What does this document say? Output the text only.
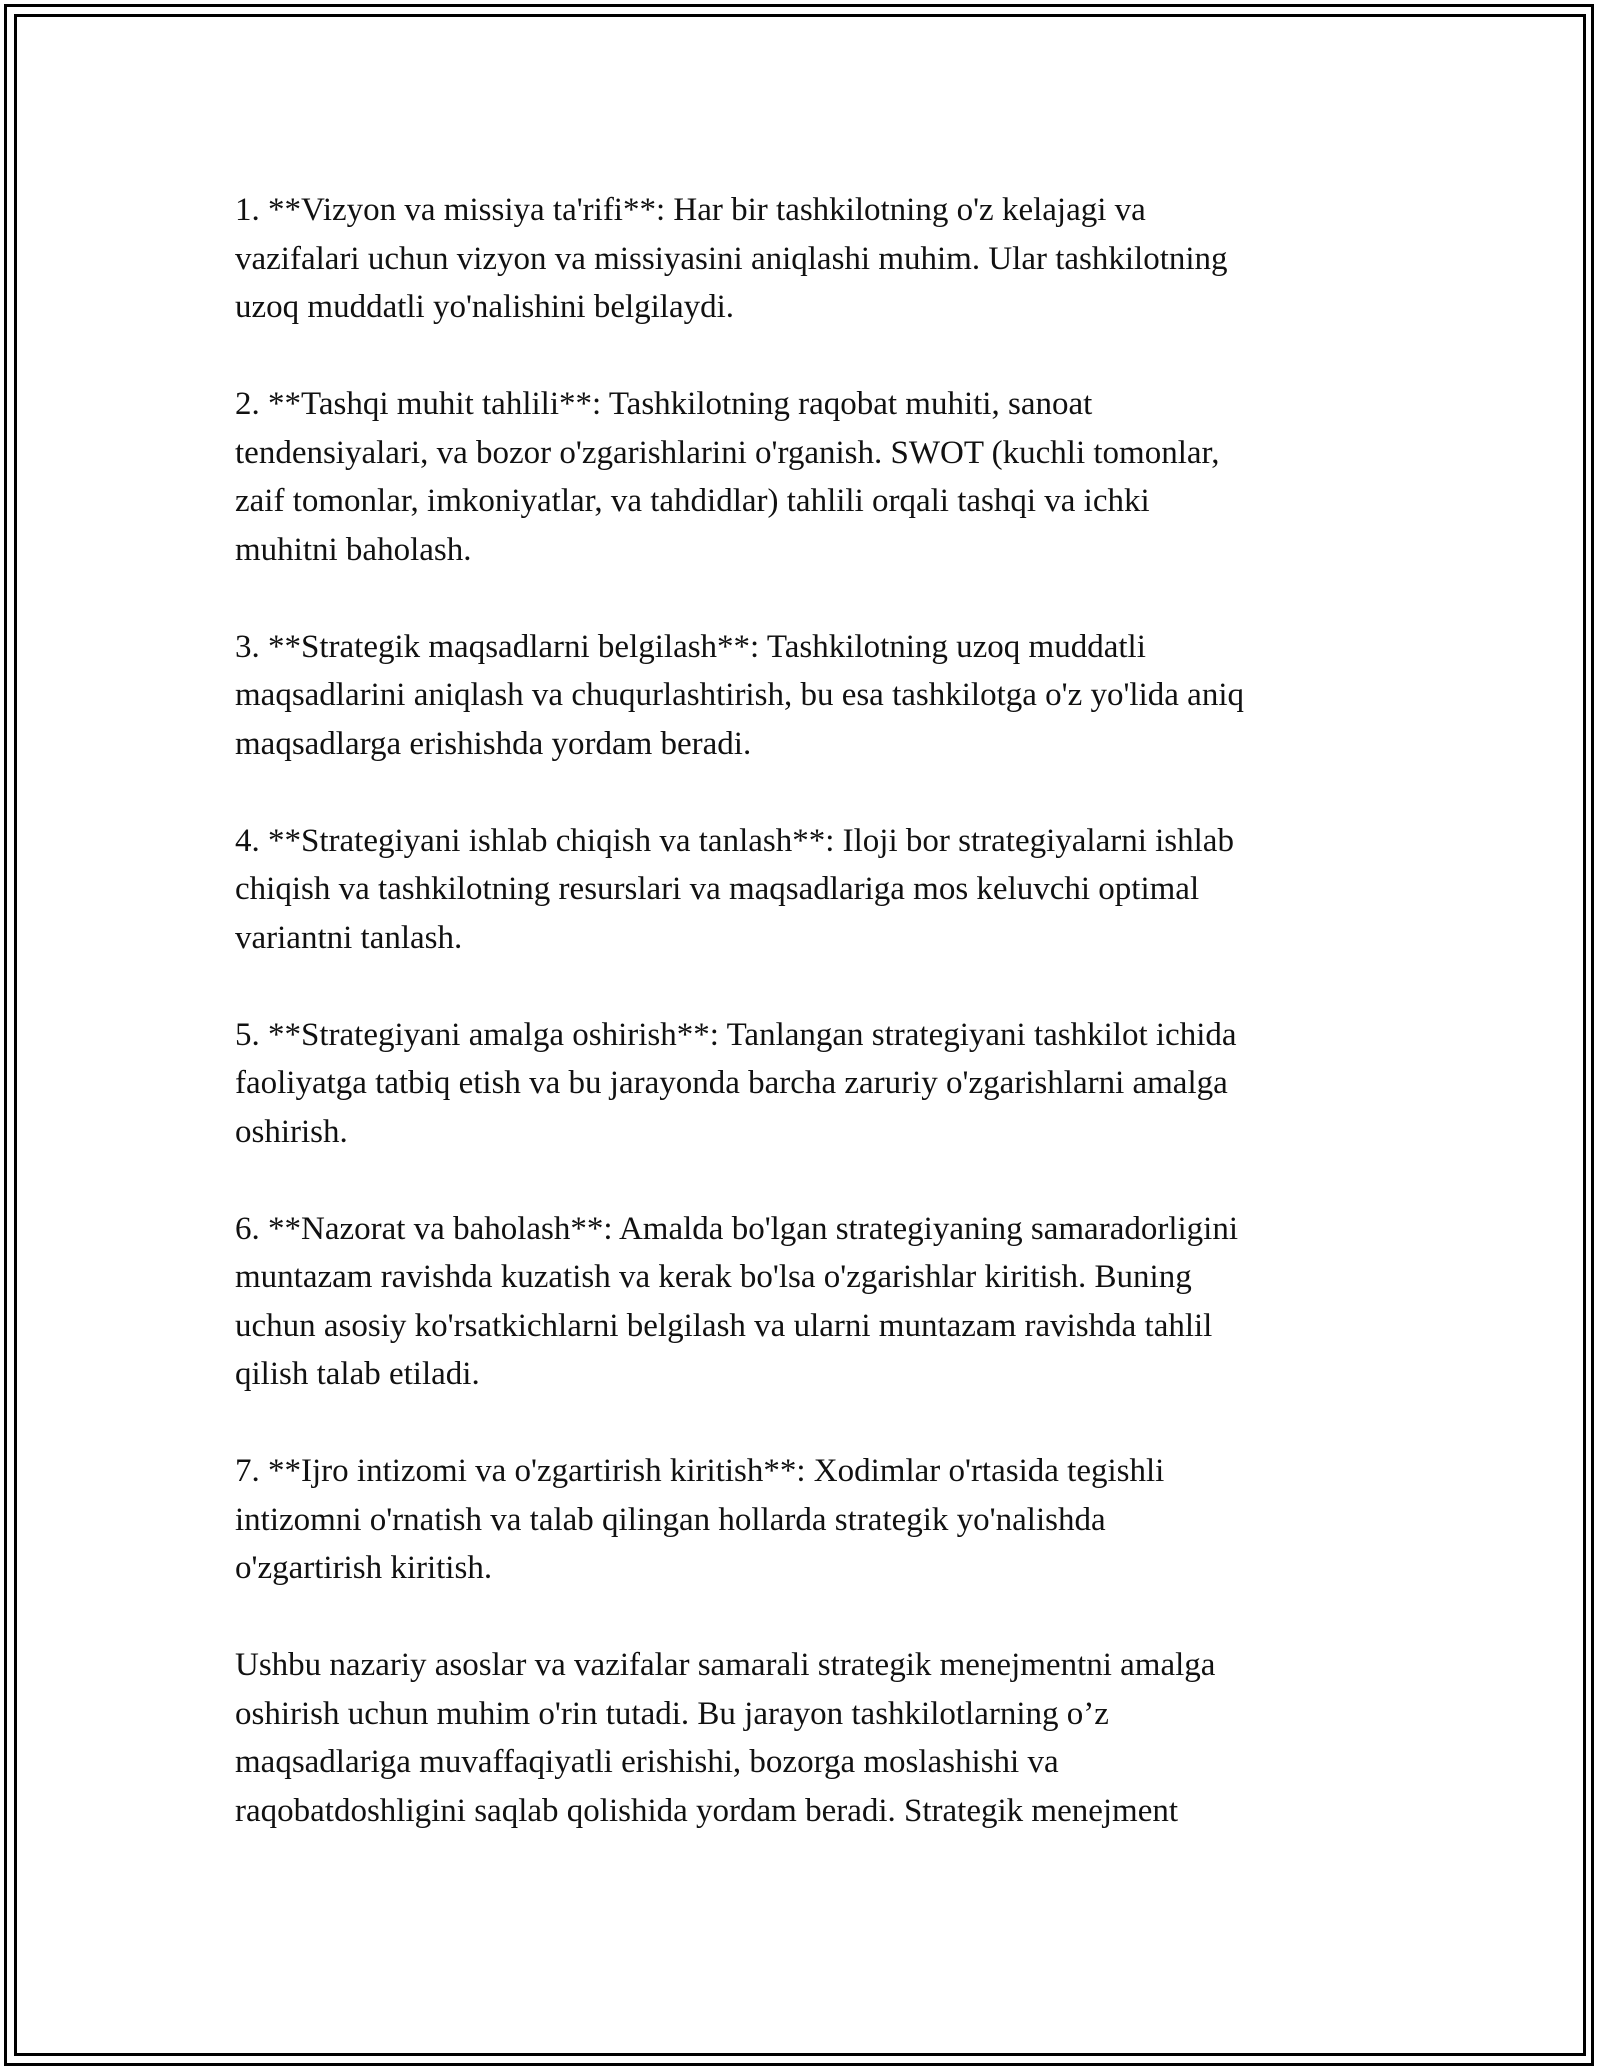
1. **Vizyon va missiya ta'rifi**: Har bir tashkilotning o'z kelajagi va
vazifalari uchun vizyon va missiyasini aniqlashi muhim. Ular tashkilotning
uzoq muddatli yo'nalishini belgilaydi.

2. **Tashqi muhit tahlili**: Tashkilotning raqobat muhiti, sanoat
tendensiyalari, va bozor o'zgarishlarini o'rganish. SWOT (kuchli tomonlar,
zaif tomonlar, imkoniyatlar, va tahdidlar) tahlili orqali tashqi va ichki
muhitni baholash.

3. **Strategik maqsadlarni belgilash**: Tashkilotning uzoq muddatli
maqsadlarini aniqlash va chuqurlashtirish, bu esa tashkilotga o'z yo'lida aniq
maqsadlarga erishishda yordam beradi.

4. **Strategiyani ishlab chiqish va tanlash**: Iloji bor strategiyalarni ishlab
chiqish va tashkilotning resurslari va maqsadlariga mos keluvchi optimal
variantni tanlash.

5. **Strategiyani amalga oshirish**: Tanlangan strategiyani tashkilot ichida
faoliyatga tatbiq etish va bu jarayonda barcha zaruriy o'zgarishlarni amalga
oshirish.

6. **Nazorat va baholash**: Amalda bo'lgan strategiyaning samaradorligini
muntazam ravishda kuzatish va kerak bo'lsa o'zgarishlar kiritish. Buning
uchun asosiy ko'rsatkichlarni belgilash va ularni muntazam ravishda tahlil
qilish talab etiladi.

7. **Ijro intizomi va o'zgartirish kiritish**: Xodimlar o'rtasida tegishli
intizomni o'rnatish va talab qilingan hollarda strategik yo'nalishda
o'zgartirish kiritish.

Ushbu nazariy asoslar va vazifalar samarali strategik menejmentni amalga
oshirish uchun muhim o'rin tutadi. Bu jarayon tashkilotlarning o’z
maqsadlariga muvaffaqiyatli erishishi, bozorga moslashishi va
raqobatdoshligini saqlab qolishida yordam beradi. Strategik menejment
